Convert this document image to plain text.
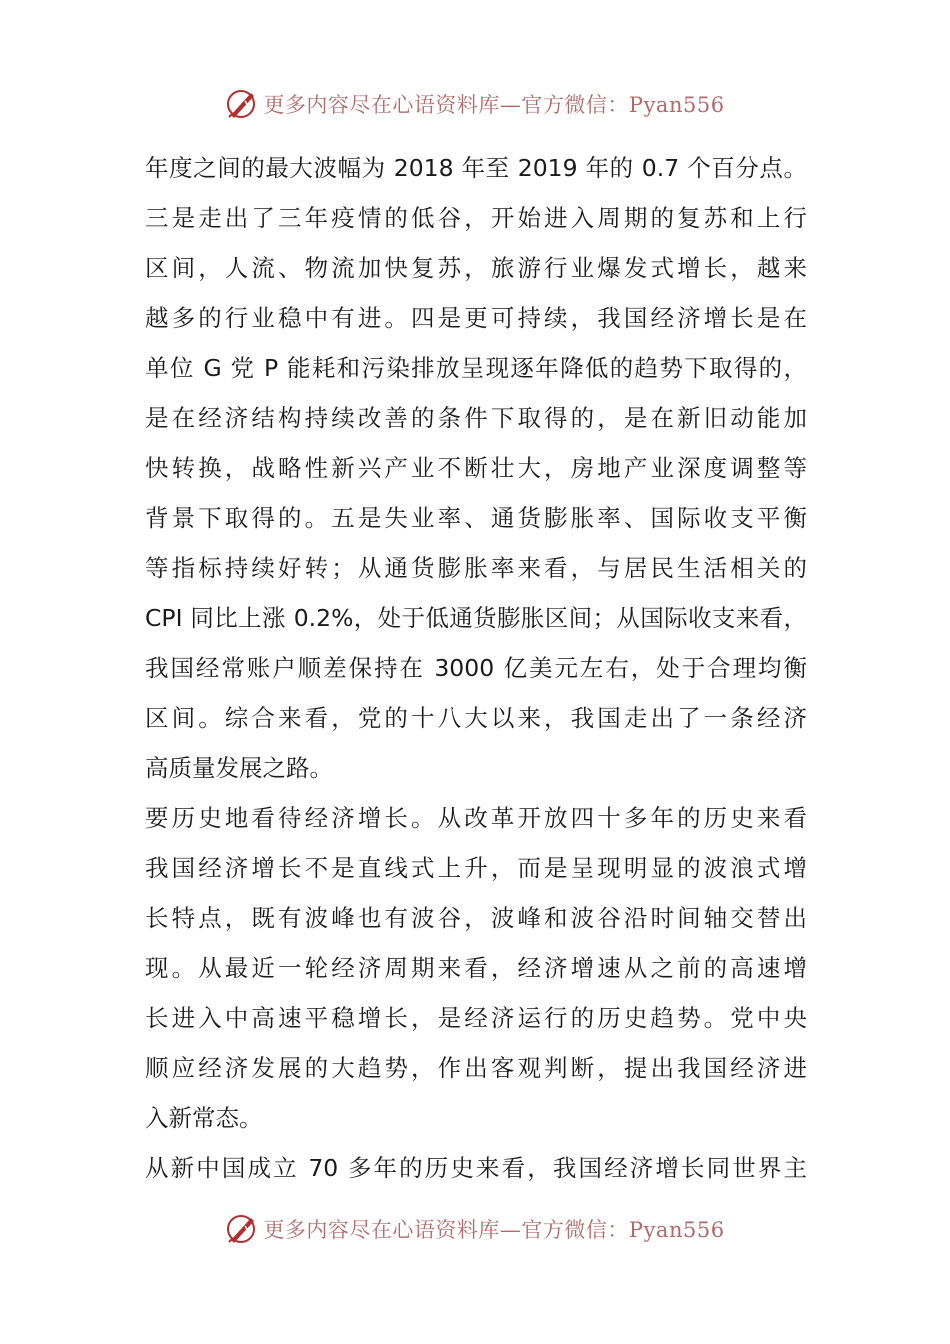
更多内容尽在心语资料库—官方微信：Pyan556
年度之间的最大波幅为 2018 年至 2019 年的 0.7 个百分点。
三是走出了三年疫情的低谷，开始进入周期的复苏和上行
区间，人流、物流加快复苏，旅游行业爆发式增长，越来
越多的行业稳中有进。四是更可持续，我国经济增长是在
单位 G 党 P 能耗和污染排放呈现逐年降低的趋势下取得的，
是在经济结构持续改善的条件下取得的，是在新旧动能加
快转换，战略性新兴产业不断壮大，房地产业深度调整等
背景下取得的。五是失业率、通货膨胀率、国际收支平衡
等指标持续好转；从通货膨胀率来看，与居民生活相关的
CPI 同比上涨 0.2%，处于低通货膨胀区间；从国际收支来看，
我国经常账户顺差保持在 3000 亿美元左右，处于合理均衡
区间。综合来看，党的十八大以来，我国走出了一条经济
高质量发展之路。
要历史地看待经济增长。从改革开放四十多年的历史来看
我国经济增长不是直线式上升，而是呈现明显的波浪式增
长特点，既有波峰也有波谷，波峰和波谷沿时间轴交替出
现。从最近一轮经济周期来看，经济增速从之前的高速增
长进入中高速平稳增长，是经济运行的历史趋势。党中央
顺应经济发展的大趋势，作出客观判断，提出我国经济进
入新常态。
从新中国成立 70 多年的历史来看，我国经济增长同世界主
更多内容尽在心语资料库—官方微信：Pyan556
